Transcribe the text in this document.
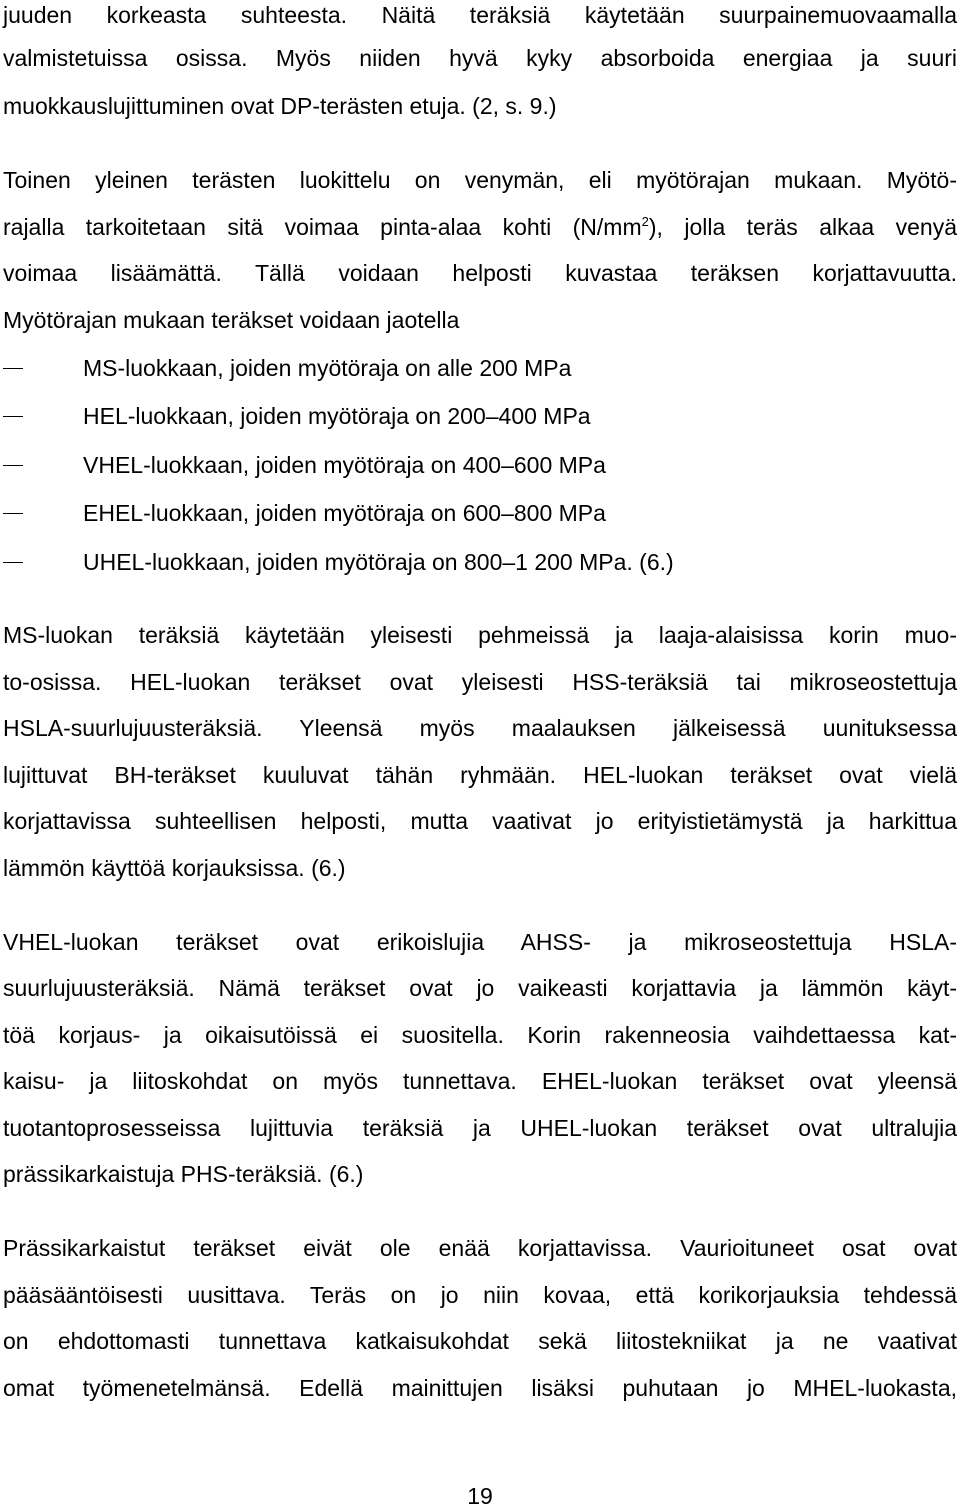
juuden korkeasta suhteesta. Näitä teräksiä käytetään suurpainemuovaamalla
valmistetuissa osissa. Myös niiden hyvä kyky absorboida energiaa ja suuri
muokkauslujittuminen ovat DP-terästen etuja. (2, s. 9.)
Toinen yleinen terästen luokittelu on venymän, eli myötörajan mukaan. Myötö-
rajalla tarkoitetaan sitä voimaa pinta-alaa kohti $(N/mm^2)$, jolla teräs alkaa venyä
voimaa lisäämättä. Tällä voidaan helposti kuvastaa teräksen korjattavuutta.
Myötörajan mukaan teräkset voidaan jaotella
MS-luokkaan, joiden myötöraja on alle 200 MPa
HEL-luokkaan, joiden myötöraja on 200–400 MPa
VHEL-luokkaan, joiden myötöraja on 400–600 MPa
EHEL-luokkaan, joiden myötöraja on 600–800 MPa
UHEL-luokkaan, joiden myötöraja on 800–1 200 MPa. (6.)
MS-luokan teräksiä käytetään yleisesti pehmeissä ja laaja-alaisissa korin muo-
to-osissa. HEL-luokan teräkset ovat yleisesti HSS-teräksiä tai mikroseostettuja
HSLA-suurlujuusteräksiä. Yleensä myös maalauksen jälkeisessä uunituksessa
lujittuvat BH-teräkset kuuluvat tähän ryhmään. HEL-luokan teräkset ovat vielä
korjattavissa suhteellisen helposti, mutta vaativat jo erityistietämystä ja harkittua
lämmön käyttöä korjauksissa. (6.)
VHEL-luokan teräkset ovat erikoislujia AHSS- ja mikroseostettuja HSLA-
suurlujuusteräksiä. Nämä teräkset ovat jo vaikeasti korjattavia ja lämmön käyt-
töä korjaus- ja oikaisutöissä ei suositella. Korin rakenneosia vaihdettaessa kat-
kaisu- ja liitoskohdat on myös tunnettava. EHEL-luokan teräkset ovat yleensä
tuotantoprosesseissa lujittuvia teräksiä ja UHEL-luokan teräkset ovat ultralujia
prässikarkaistuja PHS-teräksiä. (6.)
Prässikarkaistut teräkset eivät ole enää korjattavissa. Vaurioituneet osat ovat
pääsääntöisesti uusittava. Teräs on jo niin kovaa, että korikorjauksia tehdessä
on ehdottomasti tunnettava katkaisukohdat sekä liitostekniikat ja ne vaativat
omat työmenetelmänsä. Edellä mainittujen lisäksi puhutaan jo MHEL-luokasta,
19
